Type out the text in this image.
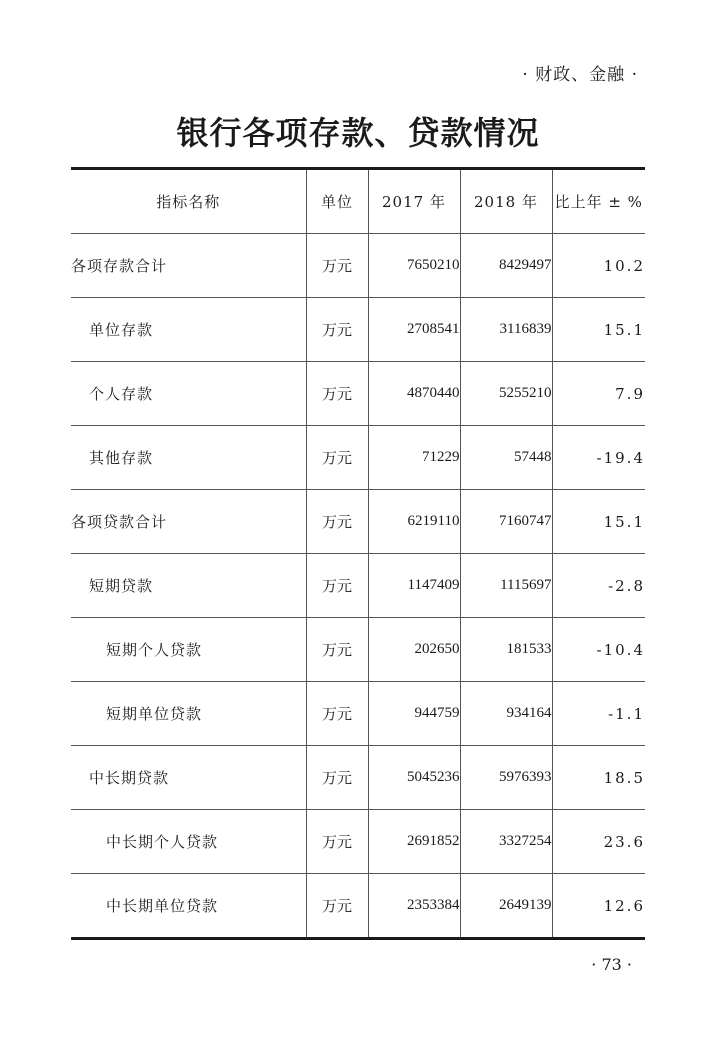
· 财政、金融 ·
银行各项存款、贷款情况
指标名称	单位	2017 年	2018 年	比上年 ± %
各项存款合计	万元	7650210	8429497	10.2
单位存款	万元	2708541	3116839	15.1
个人存款	万元	4870440	5255210	7.9
其他存款	万元	71229	57448	-19.4
各项贷款合计	万元	6219110	7160747	15.1
短期贷款	万元	1147409	1115697	-2.8
短期个人贷款	万元	202650	181533	-10.4
短期单位贷款	万元	944759	934164	-1.1
中长期贷款	万元	5045236	5976393	18.5
中长期个人贷款	万元	2691852	3327254	23.6
中长期单位贷款	万元	2353384	2649139	12.6
· 73 ·
